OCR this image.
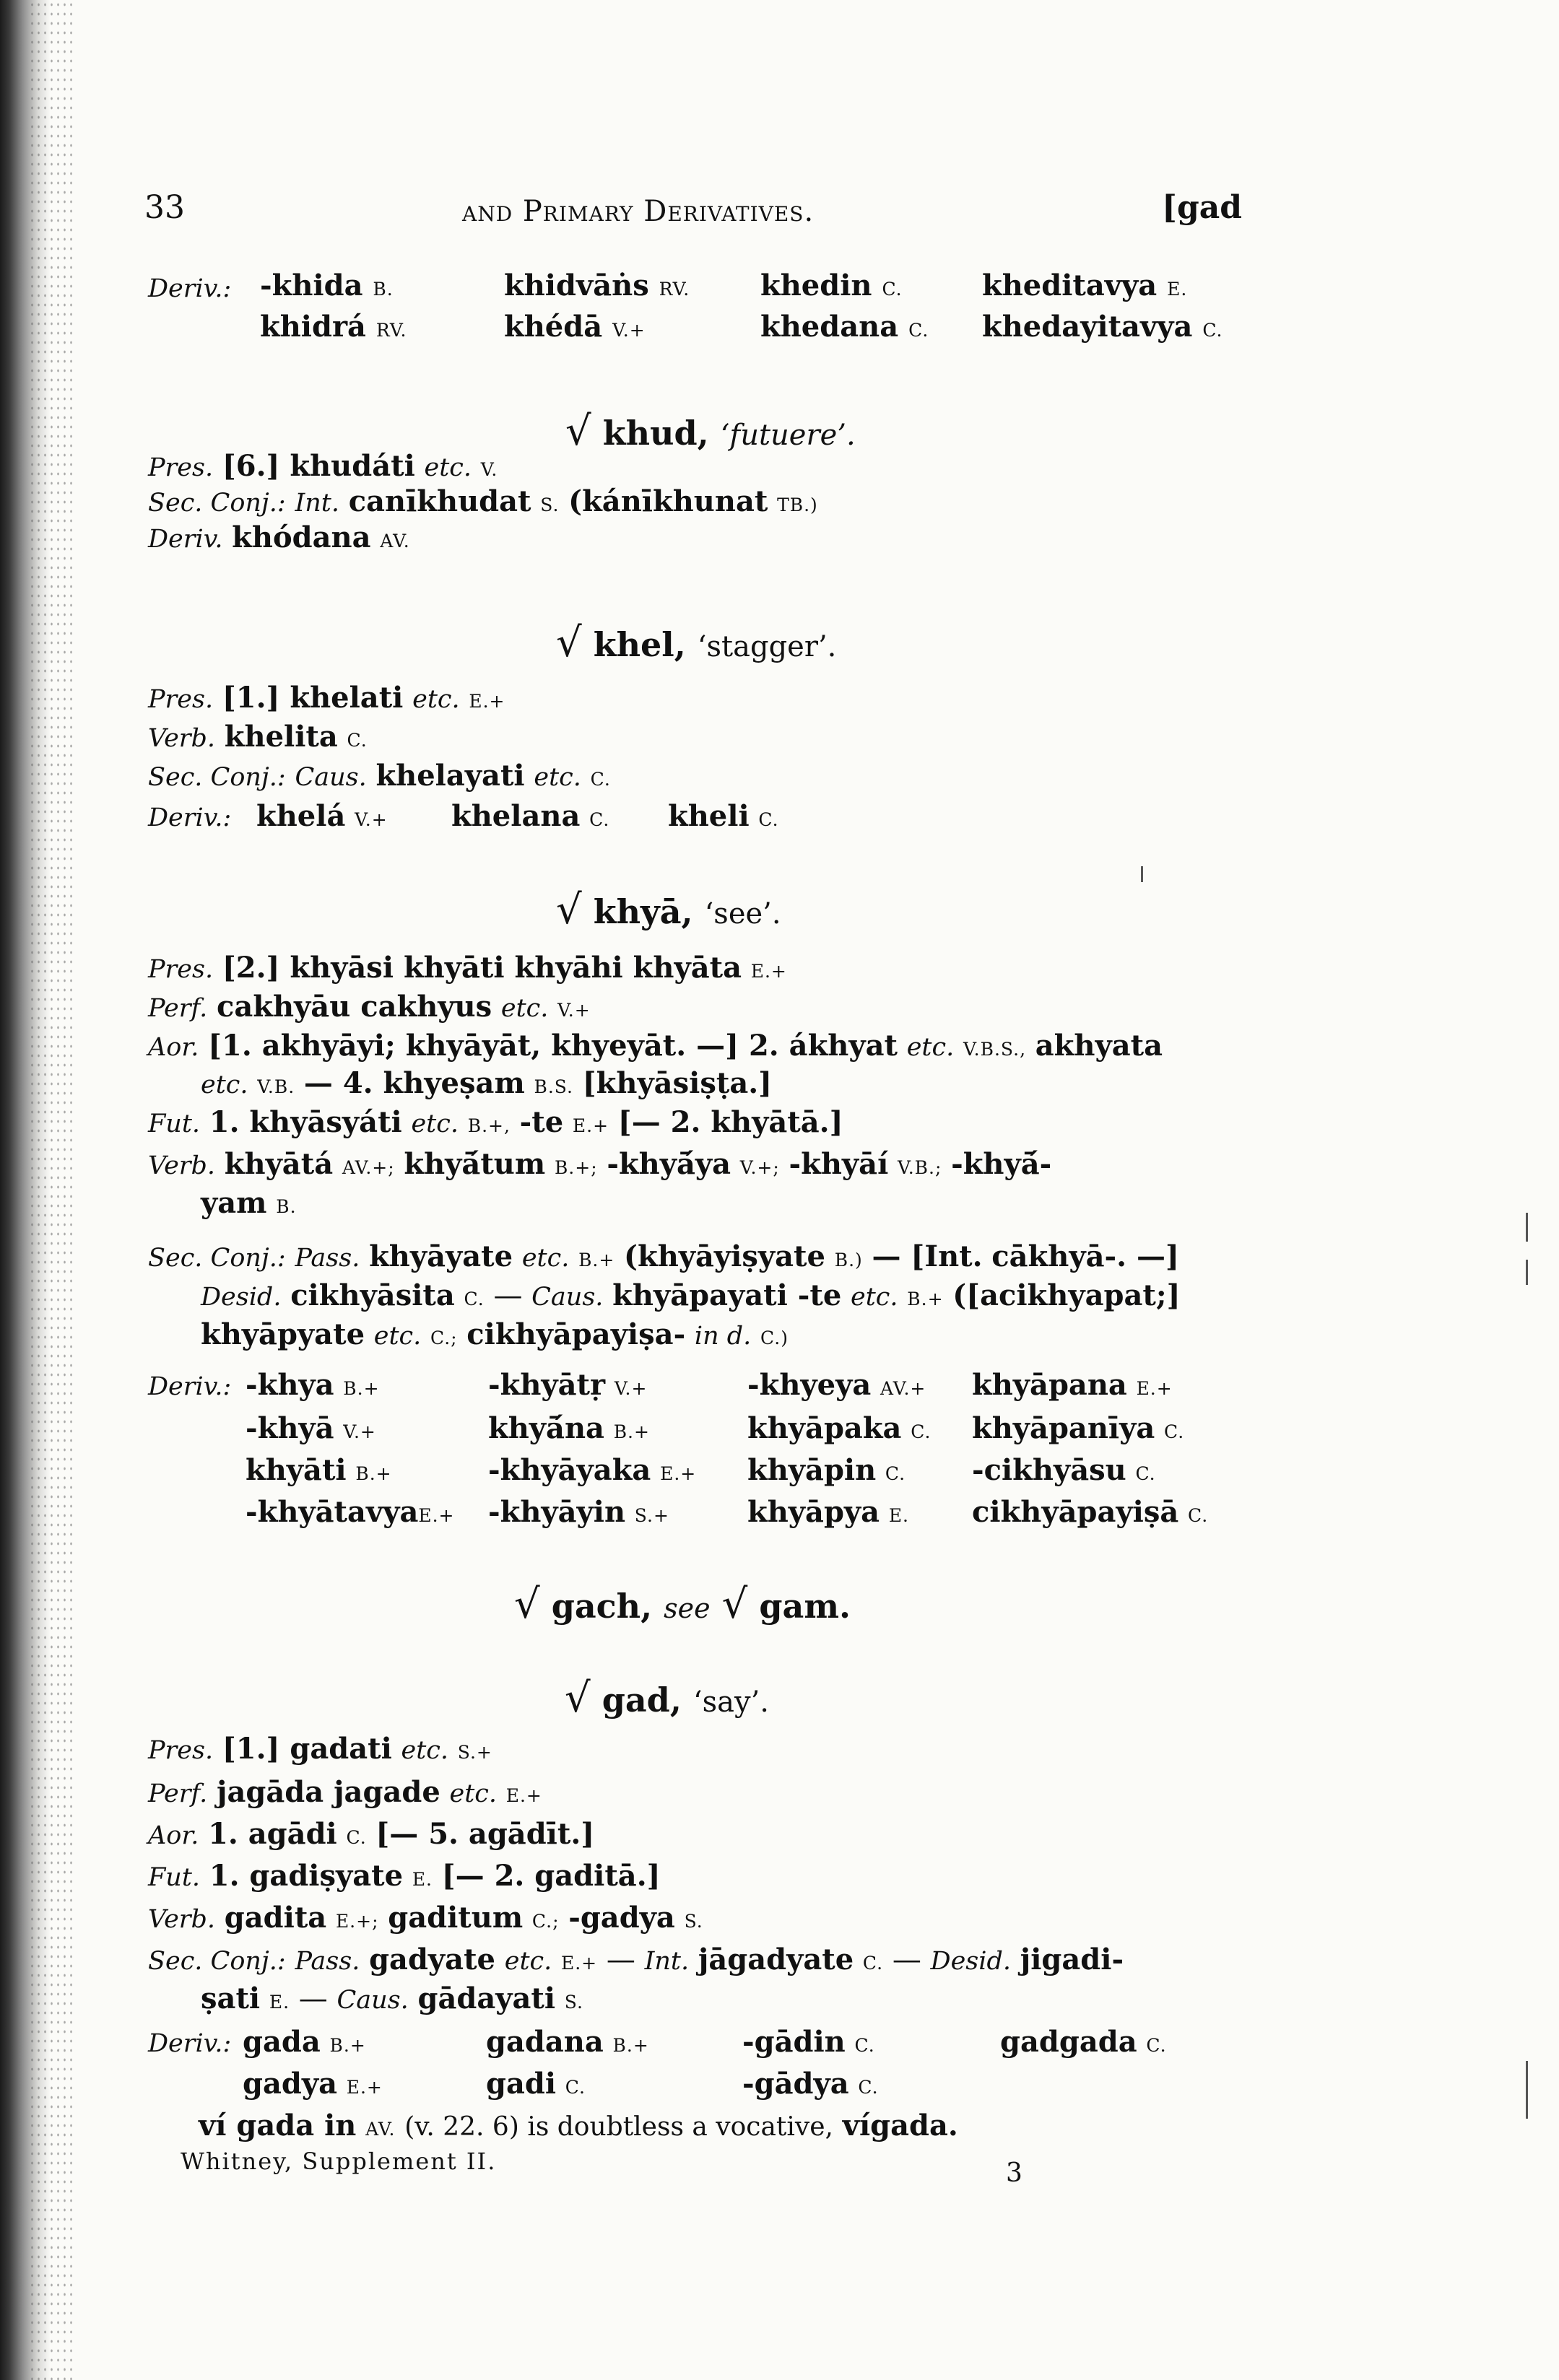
33	and Primary Derivatives.	[gad
Deriv.: -khida B.	khidvāṅs RV. khedin C.	kheditavya E.
khidrá RV.	khédā V.+	khedana C. khedayitavya C.
√ khud, ‘futuere’.
Pres. [6.] khudáti etc. V.
Sec. Conj.: Int. canīkhudat S. (kánīkhunat TB.)
Deriv. khódana AV.
√ khel, ‘stagger’.
Pres. [1.] khelati etc. E.+
Verb. khelita C.
Sec. Conj.: Caus. khelayati etc. C.
Deriv.: khelá V.+ khelana C. kheli C.
√ khyā, ‘see’.
Pres. [2.] khyāsi khyāti khyāhi khyāta E.+
Perf. cakhyāu cakhyus etc. V.+
Aor. [1. akhyāyi; khyāyāt, khyeyāt. —] 2. ákhyat etc. V.B.S., akhyata
etc. V.B. — 4. khyeṣam B.S. [khyāsiṣṭa.]
Fut. 1. khyāsyáti etc. B.+, -te E.+ [— 2. khyātā.]
Verb. khyātá AV.+; khyā́tum B.+; -khyā́ya V.+; -khyāí V.B.; -khyā́-
yam B.
Sec. Conj.: Pass. khyāyate etc. B.+ (khyāyiṣyate B.) — [Int. cākhyā-. —]
Desid. cikhyāsita C. — Caus. khyāpayati -te etc. B.+ ([acikhyapat;]
khyāpyate etc. C.; cikhyāpayiṣa- in d. C.)
Deriv.: -khya B.+	-khyātṛ V.+	-khyeya AV.+ khyāpana E.+
-khyā V.+	khyā́na B.+	khyāpaka C. khyāpanīya C.
khyāti B.+	-khyāyaka E.+ khyāpin C. -cikhyāsu C.
-khyātavyaE.+ -khyāyin S.+	khyāpya E. cikhyāpayiṣā C.
√ gach, see √ gam.
√ gad, ‘say’.
Pres. [1.] gadati etc. S.+
Perf. jagāda jagade etc. E.+
Aor. 1. agādi C. [— 5. agādīt.]
Fut. 1. gadiṣyate E. [— 2. gaditā.]
Verb. gadita E.+; gaditum C.; -gadya S.
Sec. Conj.: Pass. gadyate etc. E.+ — Int. jāgadyate C. — Desid. jigadi-
ṣati E. — Caus. gādayati S.
Deriv.: gada B.+	gadana B.+	-gādin C.	gadgada C.
gadya E.+	gadi C.	-gādya C.
ví gada in AV. (v. 22. 6) is doubtless a vocative, vígada.
Whitney, Supplement II.	3
